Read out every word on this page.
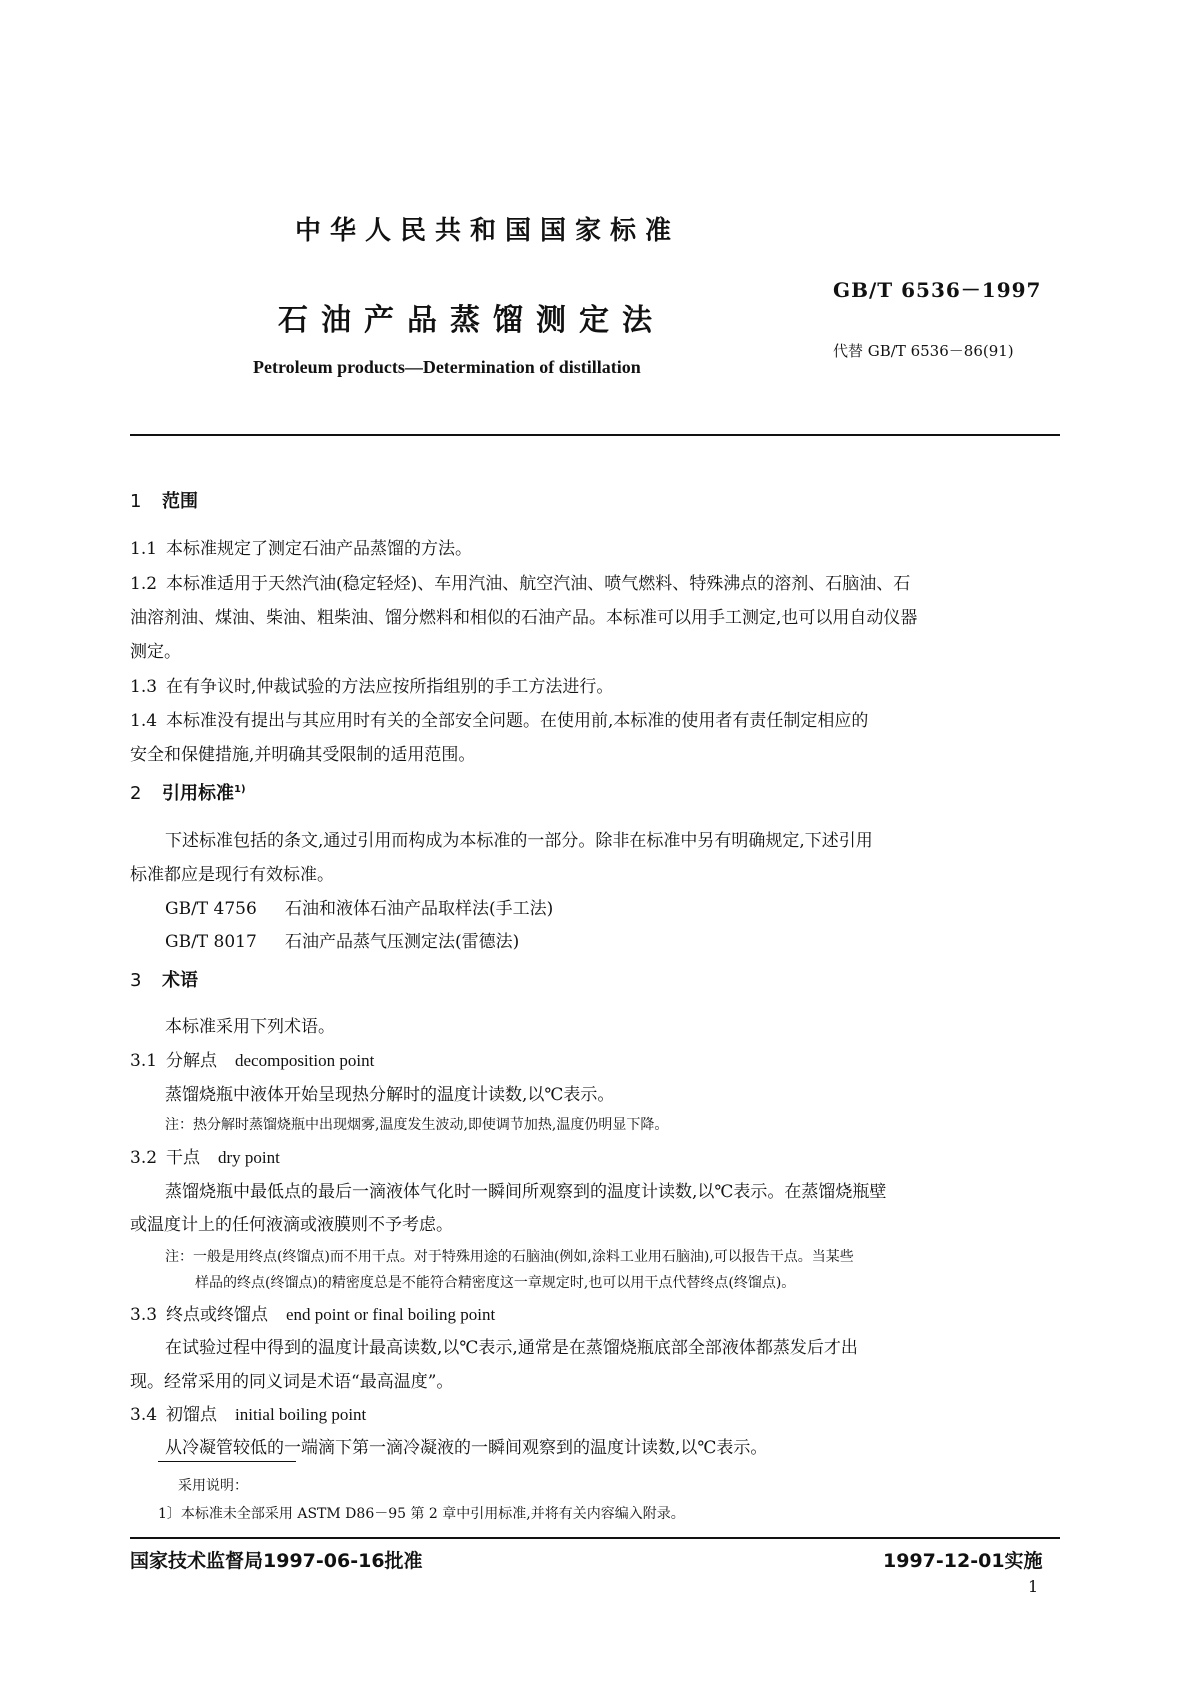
中华人民共和国国家标准
GB/T 6536－1997
石油产品蒸馏测定法
代替 GB/T 6536－86(91)
Petroleum products—Determination of distillation
1 范围
1.1 本标准规定了测定石油产品蒸馏的方法。
1.2 本标准适用于天然汽油(稳定轻烃)、车用汽油、航空汽油、喷气燃料、特殊沸点的溶剂、石脑油、石
油溶剂油、煤油、柴油、粗柴油、馏分燃料和相似的石油产品。本标准可以用手工测定,也可以用自动仪器
测定。
1.3 在有争议时,仲裁试验的方法应按所指组别的手工方法进行。
1.4 本标准没有提出与其应用时有关的全部安全问题。在使用前,本标准的使用者有责任制定相应的
安全和保健措施,并明确其受限制的适用范围。
2 引用标准$^{1)}$
下述标准包括的条文,通过引用而构成为本标准的一部分。除非在标准中另有明确规定,下述引用
标准都应是现行有效标准。
GB/T 4756 石油和液体石油产品取样法(手工法)
GB/T 8017 石油产品蒸气压测定法(雷德法)
3 术语
本标准采用下列术语。
3.1 分解点 decomposition point
蒸馏烧瓶中液体开始呈现热分解时的温度计读数,以℃表示。
注：热分解时蒸馏烧瓶中出现烟雾,温度发生波动,即使调节加热,温度仍明显下降。
3.2 干点 dry point
蒸馏烧瓶中最低点的最后一滴液体气化时一瞬间所观察到的温度计读数,以℃表示。在蒸馏烧瓶壁
或温度计上的任何液滴或液膜则不予考虑。
注：一般是用终点(终馏点)而不用干点。对于特殊用途的石脑油(例如,涂料工业用石脑油),可以报告干点。当某些
样品的终点(终馏点)的精密度总是不能符合精密度这一章规定时,也可以用干点代替终点(终馏点)。
3.3 终点或终馏点 end point or final boiling point
在试验过程中得到的温度计最高读数,以℃表示,通常是在蒸馏烧瓶底部全部液体都蒸发后才出
现。经常采用的同义词是术语“最高温度”。
3.4 初馏点 initial boiling point
从冷凝管较低的一端滴下第一滴冷凝液的一瞬间观察到的温度计读数,以℃表示。
采用说明：
1〕本标准未全部采用 ASTM D86－95 第 2 章中引用标准,并将有关内容编入附录。
国家技术监督局1997-06-16批准	1997-12-01实施
1
